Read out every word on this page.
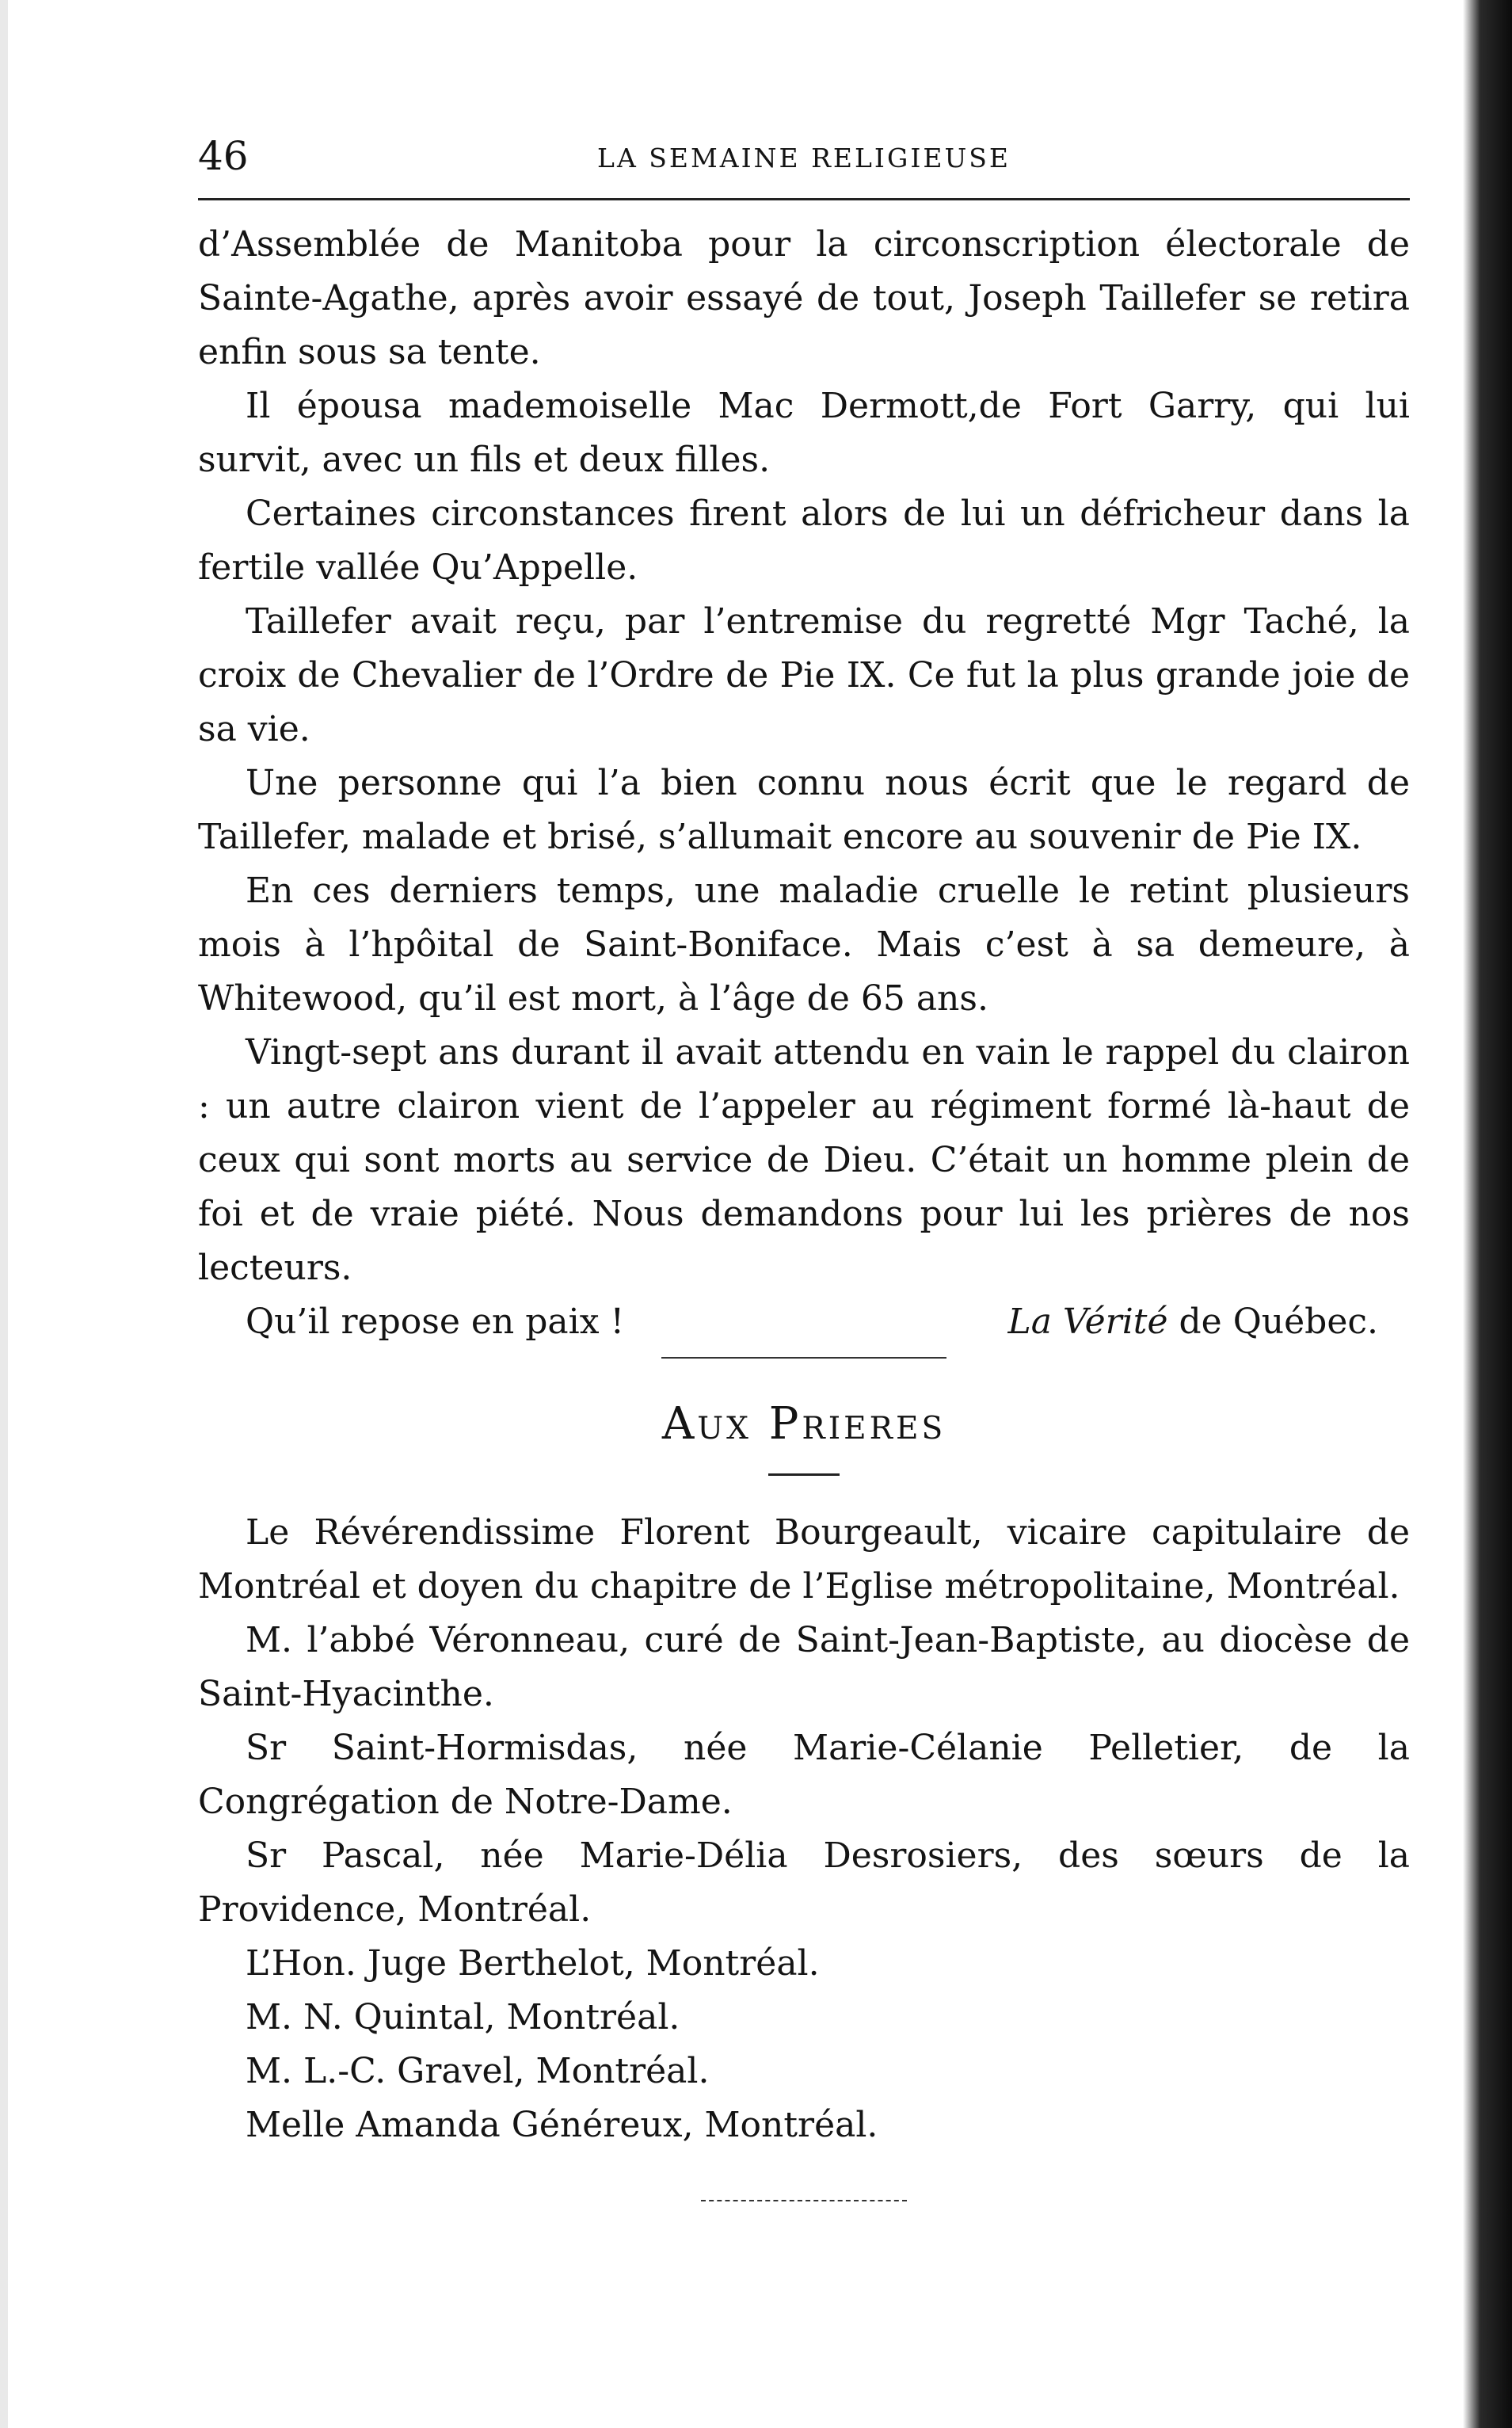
46	LA SEMAINE RELIGIEUSE

d’Assemblée de Manitoba pour la circonscription électorale de Sainte-Agathe, après avoir essayé de tout, Joseph Taillefer se retira enfin sous sa tente.

Il épousa mademoiselle Mac Dermott,de Fort Garry, qui lui survit, avec un fils et deux filles.

Certaines circonstances firent alors de lui un défricheur dans la fertile vallée Qu’Appelle.

Taillefer avait reçu, par l’entremise du regretté Mgr Taché, la croix de Chevalier de l’Ordre de Pie IX. Ce fut la plus grande joie de sa vie.

Une personne qui l’a bien connu nous écrit que le regard de Taillefer, malade et brisé, s’allumait encore au souvenir de Pie IX.

En ces derniers temps, une maladie cruelle le retint plusieurs mois à l’hpôital de Saint-Boniface. Mais c’est à sa demeure, à Whitewood, qu’il est mort, à l’âge de 65 ans.

Vingt-sept ans durant il avait attendu en vain le rappel du clairon : un autre clairon vient de l’appeler au régiment formé là-haut de ceux qui sont morts au service de Dieu. C’était un homme plein de foi et de vraie piété. Nous demandons pour lui les prières de nos lecteurs.

Qu’il repose en paix !	La Vérité de Québec.
Aux Prieres

Le Révérendissime Florent Bourgeault, vicaire capitulaire de Montréal et doyen du chapitre de l’Eglise métropolitaine, Montréal.

M. l’abbé Véronneau, curé de Saint-Jean-Baptiste, au diocèse de Saint-Hyacinthe.

Sr Saint-Hormisdas, née Marie-Célanie Pelletier, de la Congrégation de Notre-Dame.

Sr Pascal, née Marie-Délia Desrosiers, des sœurs de la Providence, Montréal.

L’Hon. Juge Berthelot, Montréal.

M. N. Quintal, Montréal.

M. L.-C. Gravel, Montréal.

Melle Amanda Généreux, Montréal.
